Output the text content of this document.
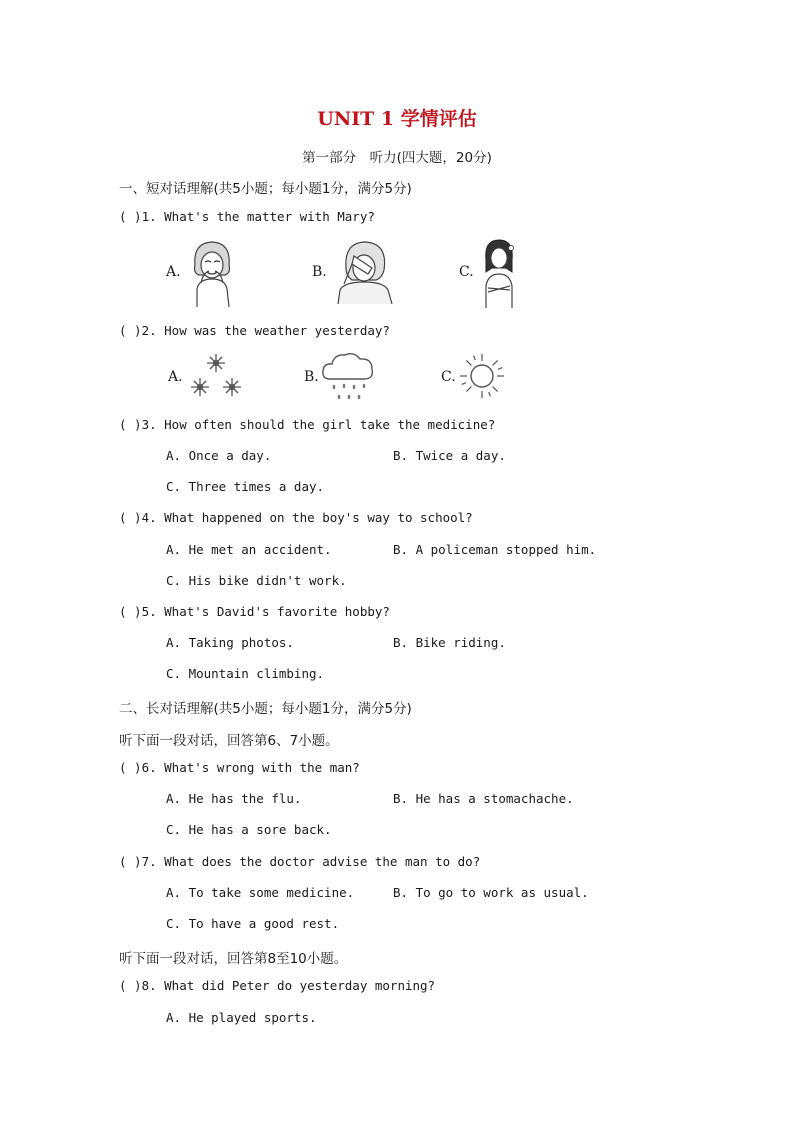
UNIT 1 学情评估
第一部分　听力(四大题，20分)
一、短对话理解(共5小题；每小题1分，满分5分)
( )1. What's the matter with Mary?
A.	B.	C.
( )2. How was the weather yesterday?
A.	B.	C.
( )3. How often should the girl take the medicine?
A. Once a day.	B. Twice a day.
C. Three times a day.
( )4. What happened on the boy's way to school?
A. He met an accident.	B. A policeman stopped him.
C. His bike didn't work.
( )5. What's David's favorite hobby?
A. Taking photos.	B. Bike riding.
C. Mountain climbing.
二、长对话理解(共5小题；每小题1分，满分5分)
听下面一段对话，回答第6、7小题。
( )6. What's wrong with the man?
A. He has the flu.	B. He has a stomachache.
C. He has a sore back.
( )7. What does the doctor advise the man to do?
A. To take some medicine.	B. To go to work as usual.
C. To have a good rest.
听下面一段对话，回答第8至10小题。
( )8. What did Peter do yesterday morning?
A. He played sports.
